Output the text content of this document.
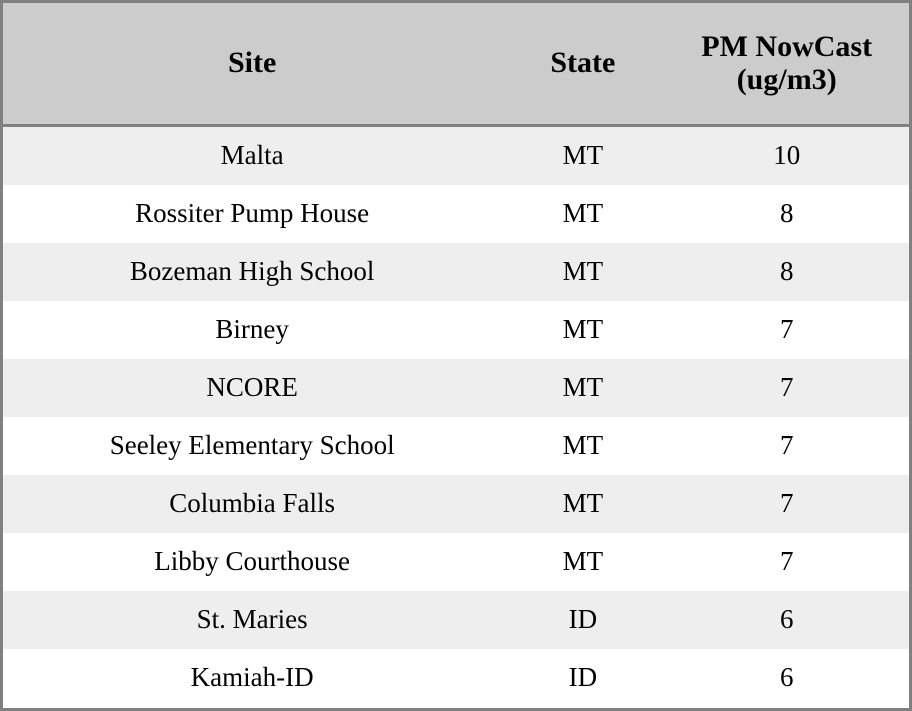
Site	State	PM NowCast (ug/m3)
Malta	MT	10
Rossiter Pump House	MT	8
Bozeman High School	MT	8
Birney	MT	7
NCORE	MT	7
Seeley Elementary School	MT	7
Columbia Falls	MT	7
Libby Courthouse	MT	7
St. Maries	ID	6
Kamiah-ID	ID	6
